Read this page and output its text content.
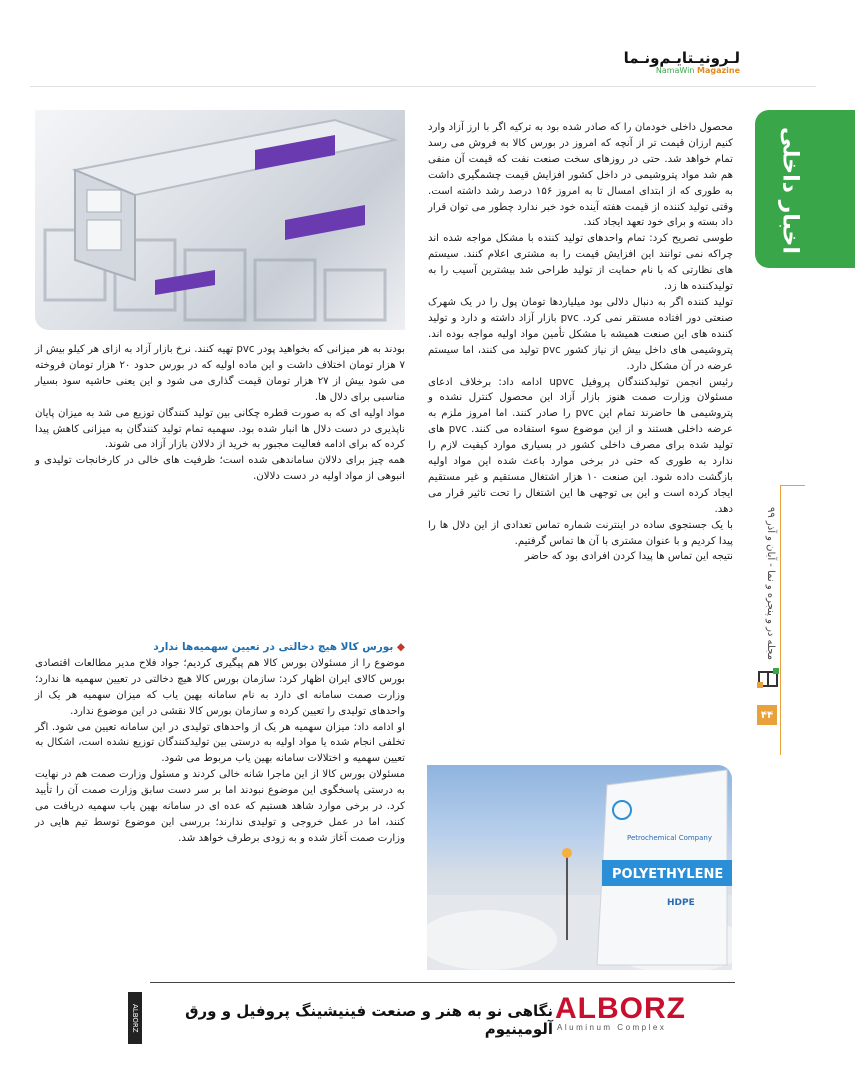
لـرونیـتایـم‌و‌نـما
NamaWin Magazine
اخبار داخلی
مجله در و پنجره و نما - آبان و آذر ۹۹
۴۴

محصول داخلی خودمان را که صادر شده بود به ترکیه اگر با ارز آزاد وارد کنیم ارزان قیمت تر از آنچه که امروز در بورس کالا به فروش می رسد تمام خواهد شد. حتی در روزهای سخت صنعت نفت که قیمت آن منفی هم شد مواد پتروشیمی در داخل کشور افزایش قیمت چشمگیری داشت به طوری که از ابتدای امسال تا به امروز ۱۵۶ درصد رشد داشته است. وقتی تولید کننده از قیمت هفته آینده خود خبر ندارد چطور می توان قرار داد بسته و برای خود تعهد ایجاد کند.

طوسی تصریح کرد: تمام واحدهای تولید کننده با مشکل مواجه شده اند چراکه نمی توانند این افزایش قیمت را به مشتری اعلام کنند. سیستم های نظارتی که با نام حمایت از تولید طراحی شد بیشترین آسیب را به تولیدکننده ها زد.

تولید کننده اگر به دنبال دلالی بود میلیاردها تومان پول را در یک شهرک صنعتی دور افتاده مستقر نمی کرد. pvc بازار آزاد داشته و دارد و تولید کننده های این صنعت همیشه با مشکل تأمین مواد اولیه مواجه بوده اند. پتروشیمی های داخل بیش از نیاز کشور pvc تولید می کنند، اما سیستم عرضه در آن مشکل دارد.

رئیس انجمن تولیدکنندگان پروفیل upvc ادامه داد: برخلاف ادعای مسئولان وزارت صمت هنوز بازار آزاد این محصول کنترل نشده و پتروشیمی ها حاضرند تمام این pvc را صادر کنند. اما امروز ملزم به عرضه داخلی هستند و از این موضوع سوء استفاده می کنند. pvc های تولید شده برای مصرف داخلی کشور در بسیاری موارد کیفیت لازم را ندارد به طوری که حتی در برخی موارد باعث شده این مواد اولیه بازگشت داده شود. این صنعت ۱۰ هزار اشتغال مستقیم و غیر مستقیم ایجاد کرده است و این بی توجهی ها این اشتغال را تحت تاثیر قرار می دهد.

با یک جستجوی ساده در اینترنت شماره تماس تعدادی از این دلال ها را پیدا کردیم و با عنوان مشتری با آن ها تماس گرفتیم.

نتیجه این تماس ها پیدا کردن افرادی بود که حاضر

بودند به هر میزانی که بخواهید پودر pvc تهیه کنند. نرخ بازار آزاد به ازای هر کیلو بیش از ۷ هزار تومان اختلاف داشت و این ماده اولیه که در بورس حدود ۲۰ هزار تومان فروخته می شود بیش از ۲۷ هزار تومان قیمت گذاری می شود و این یعنی حاشیه سود بسیار مناسبی برای دلال ها.

مواد اولیه ای که به صورت قطره چکانی بین تولید کنندگان توزیع می شد به میزان پایان ناپذیری در دست دلال ها انبار شده بود. سهمیه تمام تولید کنندگان به میزانی کاهش پیدا کرده که برای ادامه فعالیت مجبور به خرید از دلالان بازار آزاد می شوند.

همه چیز برای دلالان ساماندهی شده است؛ ظرفیت های خالی در کارخانجات تولیدی و انبوهی از مواد اولیه در دست دلالان.

◆ بورس کالا هیچ دخالتی در تعیین سهمیه‌ها ندارد

موضوع را از مسئولان بورس کالا هم پیگیری کردیم؛ جواد فلاح مدیر مطالعات اقتصادی بورس کالای ایران اظهار کرد: سازمان بورس کالا هیچ دخالتی در تعیین سهمیه ها ندارد؛ وزارت صمت سامانه ای دارد به نام سامانه بهین یاب که میزان سهمیه هر یک از واحدهای تولیدی را تعیین کرده و سازمان بورس کالا نقشی در این موضوع ندارد.

او ادامه داد: میزان سهمیه هر یک از واحدهای تولیدی در این سامانه تعیین می شود. اگر تخلفی انجام شده یا مواد اولیه به درستی بین تولیدکنندگان توزیع نشده است، اشکال به تعیین سهمیه و اختلالات سامانه بهین یاب مربوط می شود.

مسئولان بورس کالا از این ماجرا شانه خالی کردند و مسئول وزارت صمت هم در نهایت به درستی پاسخگوی این موضوع نبودند اما بر سر دست سابق وزارت صمت آن را تأیید کرد. در برخی موارد شاهد هستیم که عده ای در سامانه بهین یاب سهمیه دریافت می کنند، اما در عمل خروجی و تولیدی ندارند؛ بررسی این موضوع توسط تیم هایی در وزارت صمت آغاز شده و به زودی برطرف خواهد شد.	Petrochemical Company
POLYETHYLENE
HDPE
ALBORZ
Aluminum Complex
نگاهی نو به هنر و صنعت فینیشینگ پروفیل و ورق آلومینیوم
ALBORZ
